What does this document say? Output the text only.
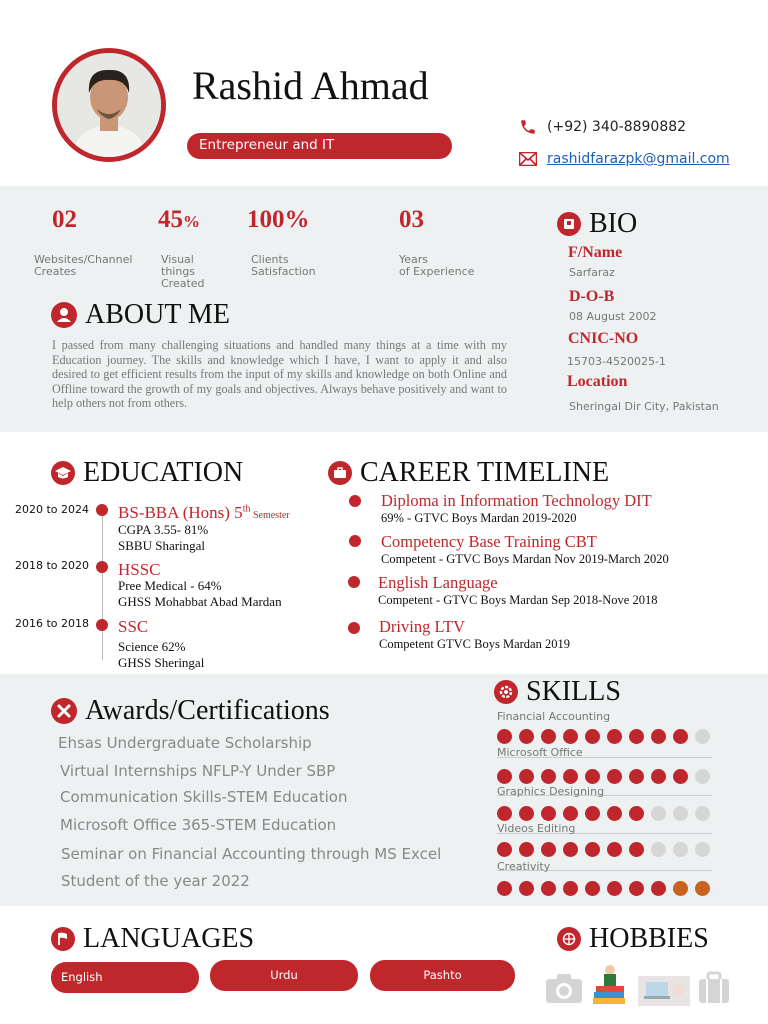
Rashid Ahmad
Entrepreneur and IT
(+92) 340-8890882
rashidfarazpk@gmail.com
02
Websites/Channel
Creates
45%
Visual
things
Created
100%
Clients
Satisfaction
03
Years
of Experience
BIO
F/Name
Sarfaraz
D-O-B
08 August 2002
CNIC-NO
15703-4520025-1
Location
Sheringal Dir City, Pakistan
ABOUT ME
I passed from many challenging situations and handled many things at a time with my Education journey. The skills and knowledge which I have, I want to apply it and also desired to get efficient results from the input of my skills and knowledge on both Online and Offline toward the growth of my goals and objectives. Always behave positively and want to help others not from others.
EDUCATION
2020 to 2024 BS-BBA (Hons) 5th Semester
CGPA 3.55- 81%
SBBU Sharingal
2018 to 2020 HSSC
Pree Medical - 64%
GHSS Mohabbat Abad Mardan
2016 to 2018 SSC
Science 62%
GHSS Sheringal
CAREER TIMELINE
Diploma in Information Technology DIT
69% - GTVC Boys Mardan 2019-2020
Competency Base Training CBT
Competent - GTVC Boys Mardan Nov 2019-March 2020
English Language
Competent - GTVC Boys Mardan Sep 2018-Nove 2018
Driving LTV
Competent GTVC Boys Mardan 2019
Awards/Certifications
Ehsas Undergraduate Scholarship
Virtual Internships NFLP-Y Under SBP
Communication Skills-STEM Education
Microsoft Office 365-STEM Education
Seminar on Financial Accounting through MS Excel
Student of the year 2022
SKILLS
Financial Accounting
Microsoft Office
Graphics Designing
Videos Editing
Creativity
LANGUAGES
English	Urdu	Pashto
HOBBIES
